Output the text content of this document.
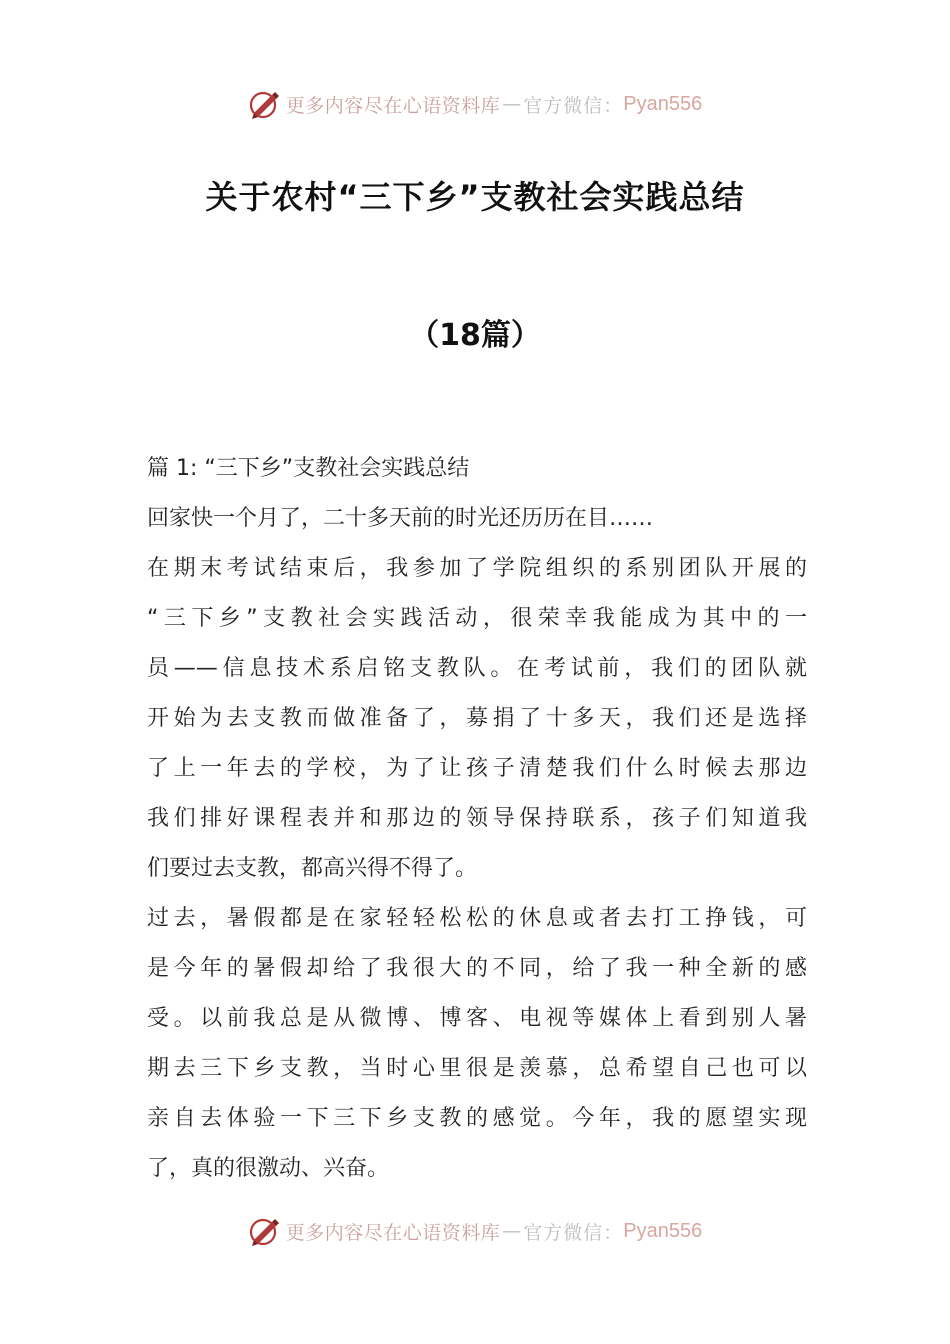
更多内容尽在心语资料库 — 官方微信： Pyan556
关于农村“三下乡”支教社会实践总结
（18篇）
篇 1: “三下乡”支教社会实践总结
回家快一个月了，二十多天前的时光还历历在目……
在期末考试结束后，我参加了学院组织的系别团队开展的
“三下乡”支教社会实践活动，很荣幸我能成为其中的一
员——信息技术系启铭支教队。在考试前，我们的团队就
开始为去支教而做准备了，募捐了十多天，我们还是选择
了上一年去的学校，为了让孩子清楚我们什么时候去那边
我们排好课程表并和那边的领导保持联系，孩子们知道我
们要过去支教，都高兴得不得了。
过去，暑假都是在家轻轻松松的休息或者去打工挣钱，可
是今年的暑假却给了我很大的不同，给了我一种全新的感
受。以前我总是从微博、博客、电视等媒体上看到别人暑
期去三下乡支教，当时心里很是羡慕，总希望自己也可以
亲自去体验一下三下乡支教的感觉。今年，我的愿望实现
了，真的很激动、兴奋。
更多内容尽在心语资料库 — 官方微信： Pyan556
